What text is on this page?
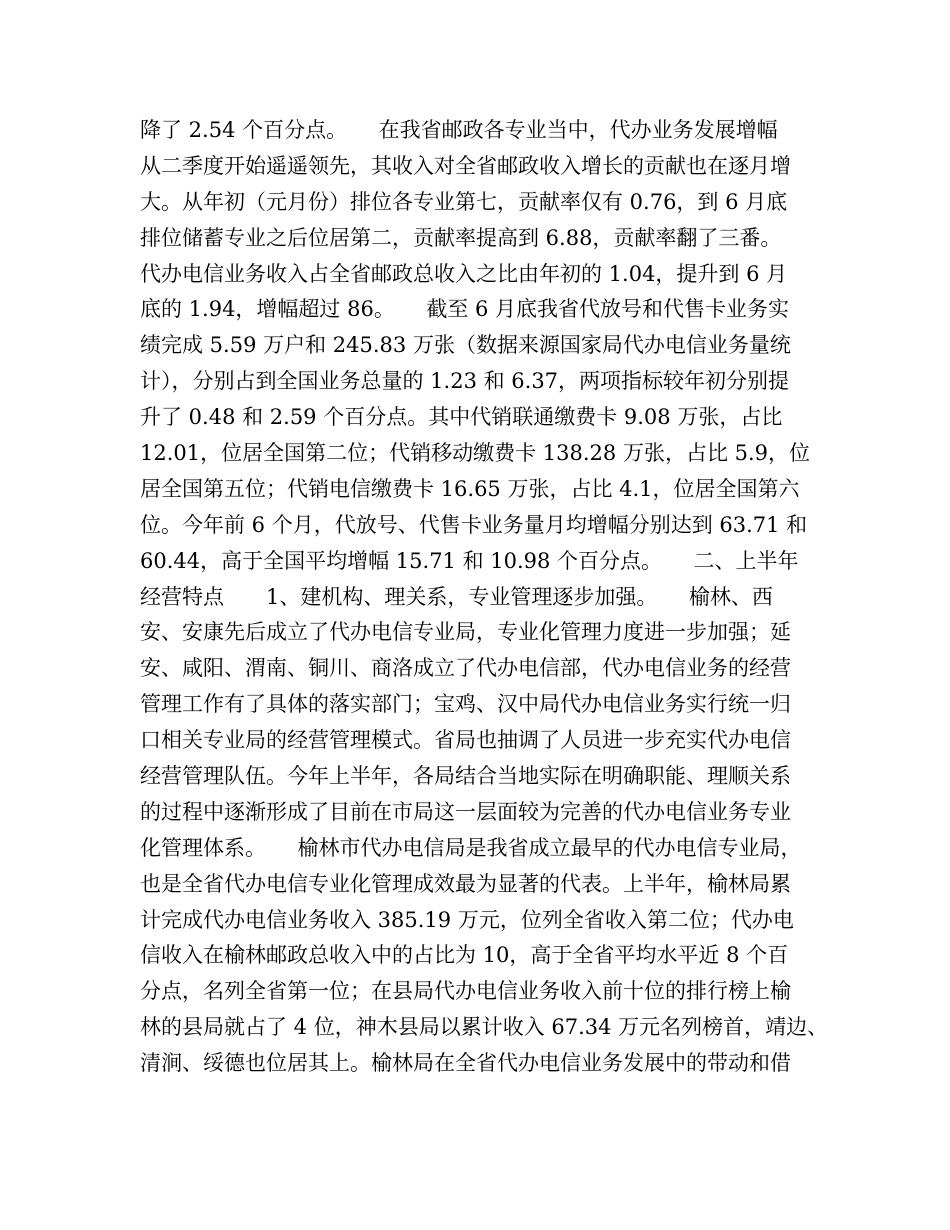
降了 2.54 个百分点。　　在我省邮政各专业当中，代办业务发展增幅
从二季度开始遥遥领先，其收入对全省邮政收入增长的贡献也在逐月增
大。从年初（元月份）排位各专业第七，贡献率仅有 0.76，到 6 月底
排位储蓄专业之后位居第二，贡献率提高到 6.88，贡献率翻了三番。
代办电信业务收入占全省邮政总收入之比由年初的 1.04，提升到 6 月
底的 1.94，增幅超过 86。　　截至 6 月底我省代放号和代售卡业务实
绩完成 5.59 万户和 245.83 万张（数据来源国家局代办电信业务量统
计），分别占到全国业务总量的 1.23 和 6.37，两项指标较年初分别提
升了 0.48 和 2.59 个百分点。其中代销联通缴费卡 9.08 万张，占比
12.01，位居全国第二位；代销移动缴费卡 138.28 万张，占比 5.9，位
居全国第五位；代销电信缴费卡 16.65 万张，占比 4.1，位居全国第六
位。今年前 6 个月，代放号、代售卡业务量月均增幅分别达到 63.71 和
60.44，高于全国平均增幅 15.71 和 10.98 个百分点。　　二、上半年
经营特点　　1、建机构、理关系，专业管理逐步加强。　　榆林、西
安、安康先后成立了代办电信专业局，专业化管理力度进一步加强；延
安、咸阳、渭南、铜川、商洛成立了代办电信部，代办电信业务的经营
管理工作有了具体的落实部门；宝鸡、汉中局代办电信业务实行统一归
口相关专业局的经营管理模式。省局也抽调了人员进一步充实代办电信
经营管理队伍。今年上半年，各局结合当地实际在明确职能、理顺关系
的过程中逐渐形成了目前在市局这一层面较为完善的代办电信业务专业
化管理体系。　　榆林市代办电信局是我省成立最早的代办电信专业局，
也是全省代办电信专业化管理成效最为显著的代表。上半年，榆林局累
计完成代办电信业务收入 385.19 万元，位列全省收入第二位；代办电
信收入在榆林邮政总收入中的占比为 10，高于全省平均水平近 8 个百
分点，名列全省第一位；在县局代办电信业务收入前十位的排行榜上榆
林的县局就占了 4 位，神木县局以累计收入 67.34 万元名列榜首，靖边、
清涧、绥德也位居其上。榆林局在全省代办电信业务发展中的带动和借
